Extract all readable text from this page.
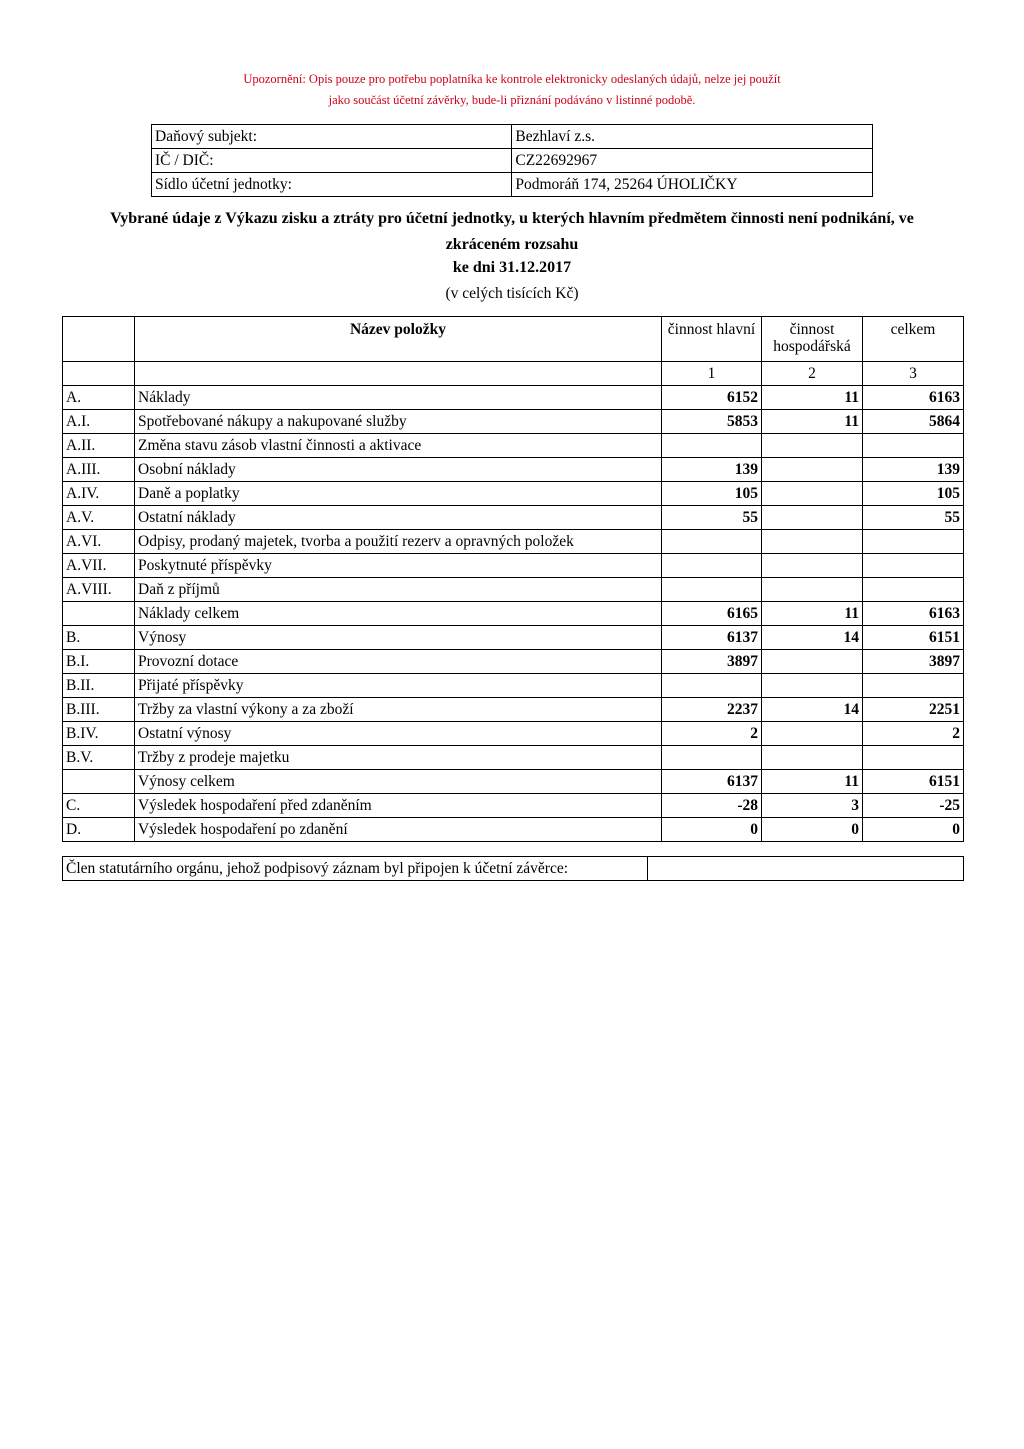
Upozornění: Opis pouze pro potřebu poplatníka ke kontrole elektronicky odeslaných údajů, nelze jej použít
jako součást účetní závěrky, bude-li přiznání podáváno v listinné podobě.
Daňový subjekt:	Bezhlaví z.s.
IČ / DIČ:	CZ22692967
Sídlo účetní jednotky:	Podmoráň 174, 25264 ÚHOLIČKY
Vybrané údaje z Výkazu zisku a ztráty pro účetní jednotky, u kterých hlavním předmětem činnosti není podnikání, ve
zkráceném rozsahu
ke dni 31.12.2017
(v celých tisících Kč)
	Název položky	činnost hlavní	činnost hospodářská	celkem
		1	2	3
A.	Náklady	6152	11	6163
A.I.	Spotřebované nákupy a nakupované služby	5853	11	5864
A.II.	Změna stavu zásob vlastní činnosti a aktivace			
A.III.	Osobní náklady	139		139
A.IV.	Daně a poplatky	105		105
A.V.	Ostatní náklady	55		55
A.VI.	Odpisy, prodaný majetek, tvorba a použití rezerv a opravných položek			
A.VII.	Poskytnuté příspěvky			
A.VIII.	Daň z příjmů			
	Náklady celkem	6165	11	6163
B.	Výnosy	6137	14	6151
B.I.	Provozní dotace	3897		3897
B.II.	Přijaté příspěvky			
B.III.	Tržby za vlastní výkony a za zboží	2237	14	2251
B.IV.	Ostatní výnosy	2		2
B.V.	Tržby z prodeje majetku			
	Výnosy celkem	6137	11	6151
C.	Výsledek hospodaření před zdaněním	-28	3	-25
D.	Výsledek hospodaření po zdanění	0	0	0
Člen statutárního orgánu, jehož podpisový záznam byl připojen k účetní závěrce:	
